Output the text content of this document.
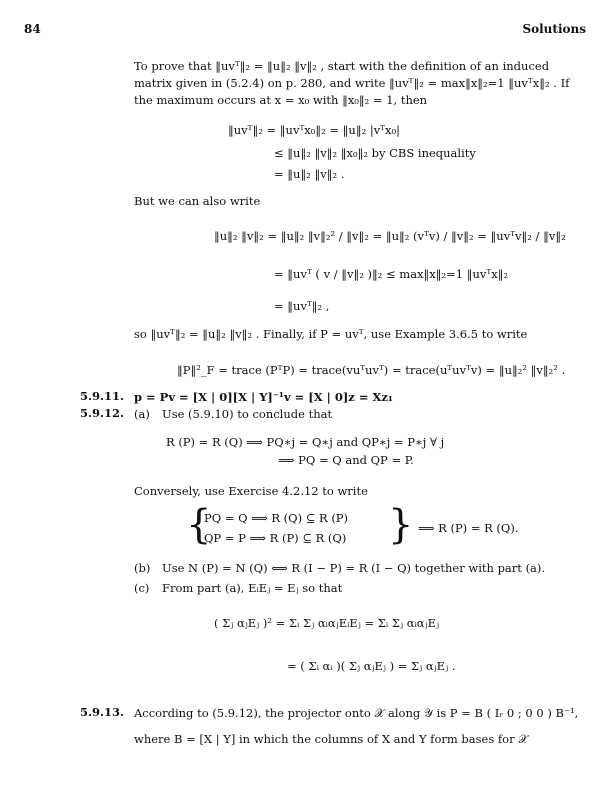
84	Solutions
To prove that ‖uvᵀ‖₂ = ‖u‖₂ ‖v‖₂ , start with the definition of an induced
matrix given in (5.2.4) on p. 280, and write ‖uvᵀ‖₂ = max‖x‖₂=1 ‖uvᵀx‖₂ . If
the maximum occurs at x = x₀ with ‖x₀‖₂ = 1, then
‖uvᵀ‖₂ = ‖uvᵀx₀‖₂ = ‖u‖₂ |vᵀx₀|
≤ ‖u‖₂ ‖v‖₂ ‖x₀‖₂ by CBS inequality
= ‖u‖₂ ‖v‖₂ .
But we can also write
‖u‖₂ ‖v‖₂ = ‖u‖₂ ‖v‖₂² / ‖v‖₂ = ‖u‖₂ (vᵀv) / ‖v‖₂ = ‖uvᵀv‖₂ / ‖v‖₂
= ‖uvᵀ ( v / ‖v‖₂ )‖₂ ≤ max‖x‖₂=1 ‖uvᵀx‖₂
= ‖uvᵀ‖₂ ,
so ‖uvᵀ‖₂ = ‖u‖₂ ‖v‖₂ . Finally, if P = uvᵀ, use Example 3.6.5 to write
‖P‖²_F = trace (PᵀP) = trace(vuᵀuvᵀ) = trace(uᵀuvᵀv) = ‖u‖₂² ‖v‖₂² .
5.9.11. p = Pv = [X | 0][X | Y]⁻¹v = [X | 0]z = Xz₁
5.9.12. (a) Use (5.9.10) to conclude that
R (P) = R (Q) ⟹ PQ∗j = Q∗j and QP∗j = P∗j ∀ j
⟹ PQ = Q and QP = P.
Conversely, use Exercise 4.2.12 to write
{
PQ = Q ⟹ R (Q) ⊆ R (P)
QP = P ⟹ R (P) ⊆ R (Q) } ⟹ R (P) = R (Q).
(b) Use N (P) = N (Q) ⟺ R (I − P) = R (I − Q) together with part (a).
(c) From part (a), EᵢEⱼ = Eⱼ so that
( Σⱼ αⱼEⱼ )² = Σᵢ Σⱼ αᵢαⱼEᵢEⱼ = Σᵢ Σⱼ αᵢαⱼEⱼ
= ( Σᵢ αᵢ )( Σⱼ αⱼEⱼ ) = Σⱼ αⱼEⱼ .
5.9.13. According to (5.9.12), the projector onto 𝒳 along 𝒴 is P = B ( Iᵣ 0 ; 0 0 ) B⁻¹,
where B = [X | Y] in which the columns of X and Y form bases for 𝒳
